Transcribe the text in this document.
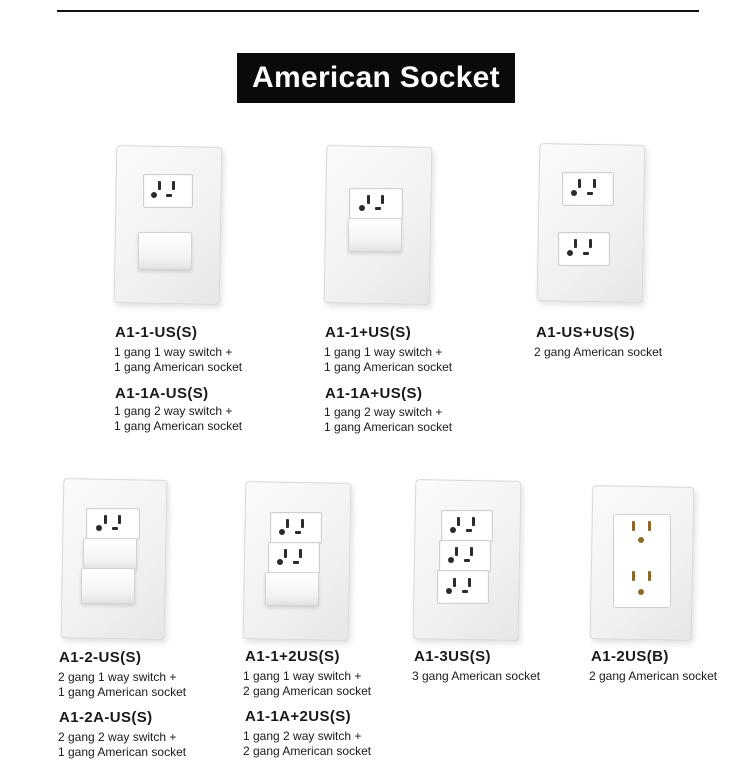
American Socket
A1-1-US(S)
1 gang 1 way switch +
1 gang American socket
A1-1A-US(S)
1 gang 2 way switch +
1 gang American socket
A1-1+US(S)
1 gang 1 way switch +
1 gang American socket
A1-1A+US(S)
1 gang 2 way switch +
1 gang American socket
A1-US+US(S)
2 gang American socket
A1-2-US(S)
2 gang 1 way switch +
1 gang American socket
A1-2A-US(S)
2 gang 2 way switch +
1 gang American socket
A1-1+2US(S)
1 gang 1 way switch +
2 gang American socket
A1-1A+2US(S)
1 gang 2 way switch +
2 gang American socket
A1-3US(S)
3 gang American socket
A1-2US(B)
2 gang American socket
